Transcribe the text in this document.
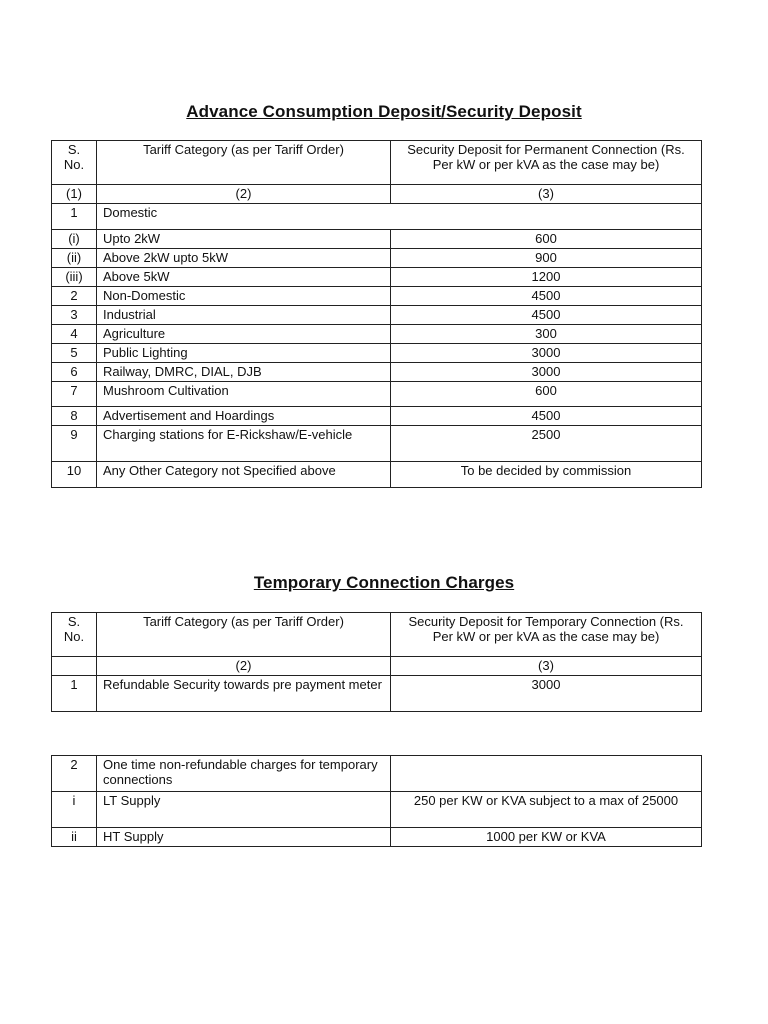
Advance Consumption Deposit/Security Deposit
S. No.	Tariff Category (as per Tariff Order)	Security Deposit for Permanent Connection (Rs. Per kW or per kVA as the case may be)
(1)	(2)	(3)
1	Domestic	
(i)	Upto 2kW	600
(ii)	Above 2kW upto 5kW	900
(iii)	Above 5kW	1200
2	Non-Domestic	4500
3	Industrial	4500
4	Agriculture	300
5	Public Lighting	3000
6	Railway, DMRC, DIAL, DJB	3000
7	Mushroom Cultivation	600
8	Advertisement and Hoardings	4500
9	Charging stations for E-Rickshaw/E-vehicle	2500
10	Any Other Category not Specified above	To be decided by commission
Temporary Connection Charges
S. No.	Tariff Category (as per Tariff Order)	Security Deposit for Temporary Connection (Rs. Per kW or per kVA as the case may be)
	(2)	(3)
1	Refundable Security towards pre payment meter	3000
2	One time non-refundable charges for temporary connections	
i	LT Supply	250 per KW or KVA subject to a max of 25000
ii	HT Supply	1000 per KW or KVA
